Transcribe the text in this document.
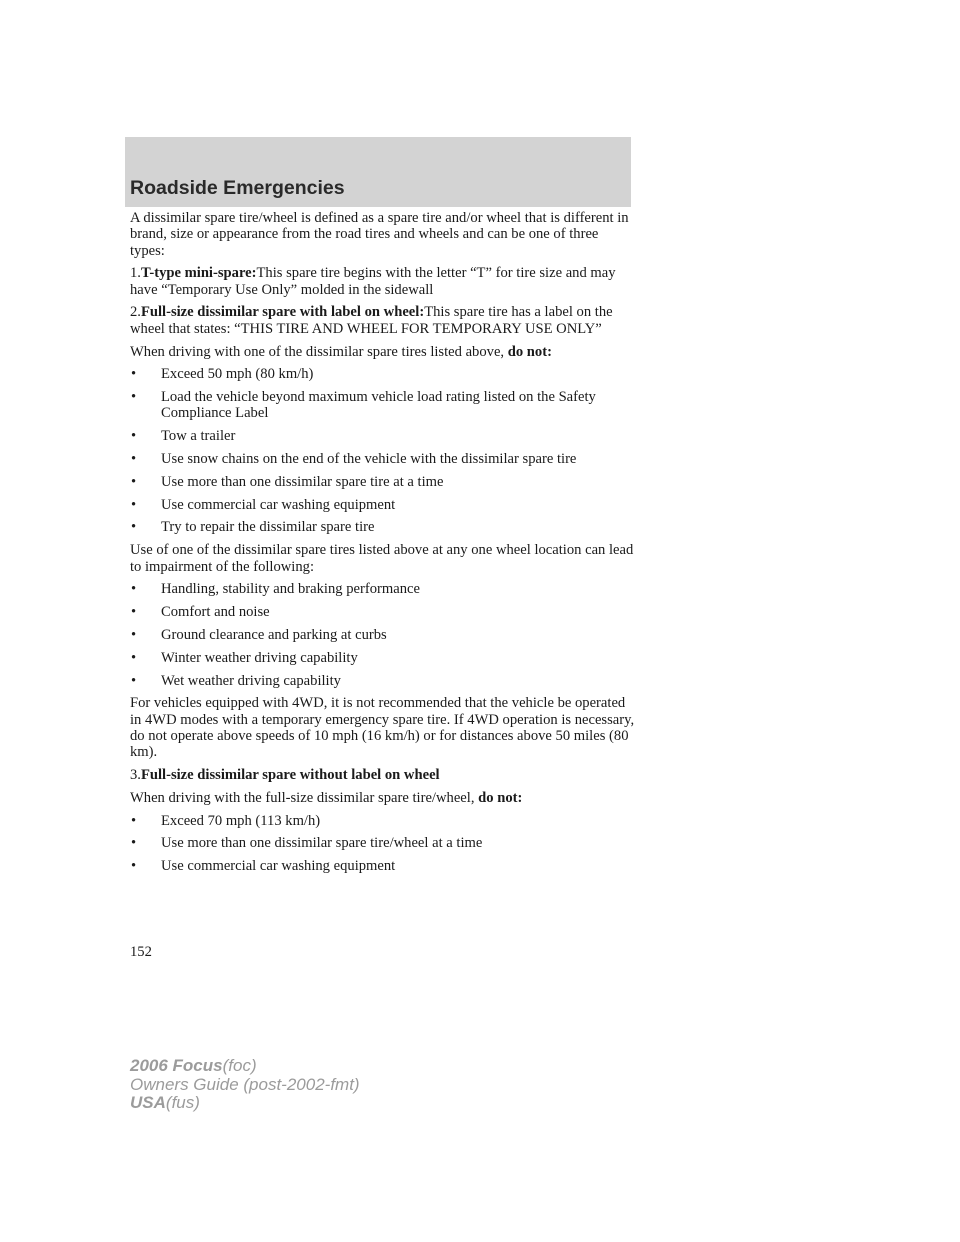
Roadside Emergencies

A dissimilar spare tire/wheel is defined as a spare tire and/or wheel that is different in brand, size or appearance from the road tires and wheels and can be one of three types:

1.T-type mini-spare:This spare tire begins with the letter “T” for tire size and may have “Temporary Use Only” molded in the sidewall

2.Full-size dissimilar spare with label on wheel:This spare tire has a label on the wheel that states: “THIS TIRE AND WHEEL FOR TEMPORARY USE ONLY”

When driving with one of the dissimilar spare tires listed above, do not:

•	Exceed 50 mph (80 km/h)
•	Load the vehicle beyond maximum vehicle load rating listed on the Safety Compliance Label
•	Tow a trailer
•	Use snow chains on the end of the vehicle with the dissimilar spare tire
•	Use more than one dissimilar spare tire at a time
•	Use commercial car washing equipment
•	Try to repair the dissimilar spare tire

Use of one of the dissimilar spare tires listed above at any one wheel location can lead to impairment of the following:

•	Handling, stability and braking performance
•	Comfort and noise
•	Ground clearance and parking at curbs
•	Winter weather driving capability
•	Wet weather driving capability

For vehicles equipped with 4WD, it is not recommended that the vehicle be operated in 4WD modes with a temporary emergency spare tire. If 4WD operation is necessary, do not operate above speeds of 10 mph (16 km/h) or for distances above 50 miles (80 km).

3.Full-size dissimilar spare without label on wheel

When driving with the full-size dissimilar spare tire/wheel, do not:

•	Exceed 70 mph (113 km/h)
•	Use more than one dissimilar spare tire/wheel at a time
•	Use commercial car washing equipment
152
2006 Focus(foc)
Owners Guide (post-2002-fmt)
USA(fus)
